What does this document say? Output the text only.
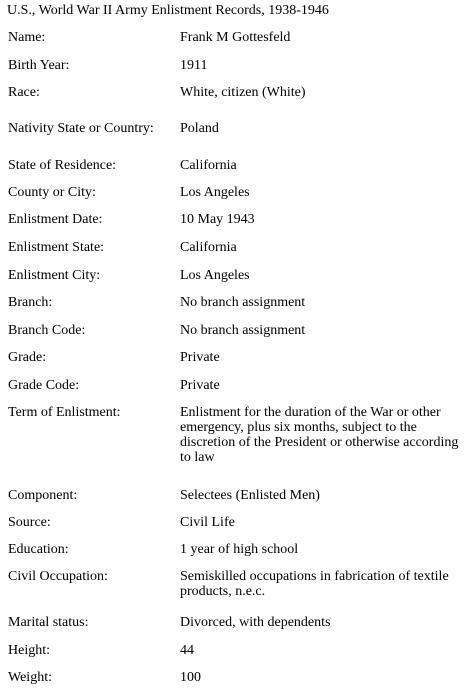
U.S., World War II Army Enlistment Records, 1938-1946
Name:	Frank M Gottesfeld
Birth Year:	1911
Race:	White, citizen (White)
Nativity State or Country:	Poland
State of Residence:	California
County or City:	Los Angeles
Enlistment Date:	10 May 1943
Enlistment State:	California
Enlistment City:	Los Angeles
Branch:	No branch assignment
Branch Code:	No branch assignment
Grade:	Private
Grade Code:	Private
Term of Enlistment:	Enlistment for the duration of the War or other emergency, plus six months, subject to the discretion of the President or otherwise according to law
Component:	Selectees (Enlisted Men)
Source:	Civil Life
Education:	1 year of high school
Civil Occupation:	Semiskilled occupations in fabrication of textile products, n.e.c.
Marital status:	Divorced, with dependents
Height:	44
Weight:	100
